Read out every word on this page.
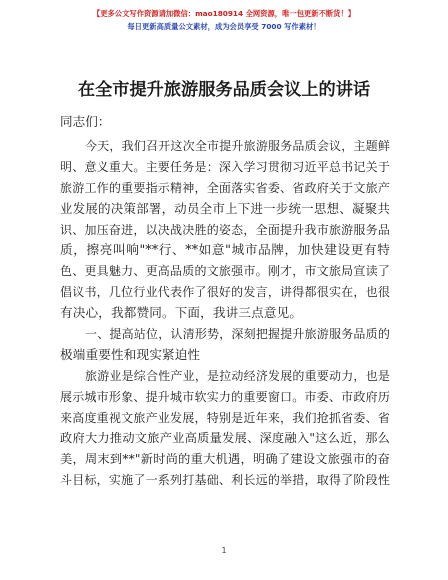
【更多公文写作资源请加微信：mao180914 全网资源，唯一包更新不断货！】
每日更新高质量公文素材，成为会员享受 7000 写作素材！
在全市提升旅游服务品质会议上的讲话
同志们：
今天，我们召开这次全市提升旅游服务品质会议，主题鲜
明、意义重大。主要任务是：深入学习贯彻习近平总书记关于
旅游工作的重要指示精神，全面落实省委、省政府关于文旅产
业发展的决策部署，动员全市上下进一步统一思想、凝聚共
识、加压奋进，以决战决胜的姿态，全面提升我市旅游服务品
质，擦亮叫响"**行、**如意"城市品牌，加快建设更有特
色、更具魅力、更高品质的文旅强市。刚才，市文旅局宣读了
倡议书，几位行业代表作了很好的发言，讲得都很实在，也很
有决心，我都赞同。下面，我讲三点意见。
一、提高站位，认清形势，深刻把握提升旅游服务品质的
极端重要性和现实紧迫性
旅游业是综合性产业，是拉动经济发展的重要动力，也是
展示城市形象、提升城市软实力的重要窗口。市委、市政府历
来高度重视文旅产业发展，特别是近年来，我们抢抓省委、省
政府大力推动文旅产业高质量发展、深度融入"这么近，那么
美，周末到**"新时尚的重大机遇，明确了建设文旅强市的奋
斗目标，实施了一系列打基础、利长远的举措，取得了阶段性
1
